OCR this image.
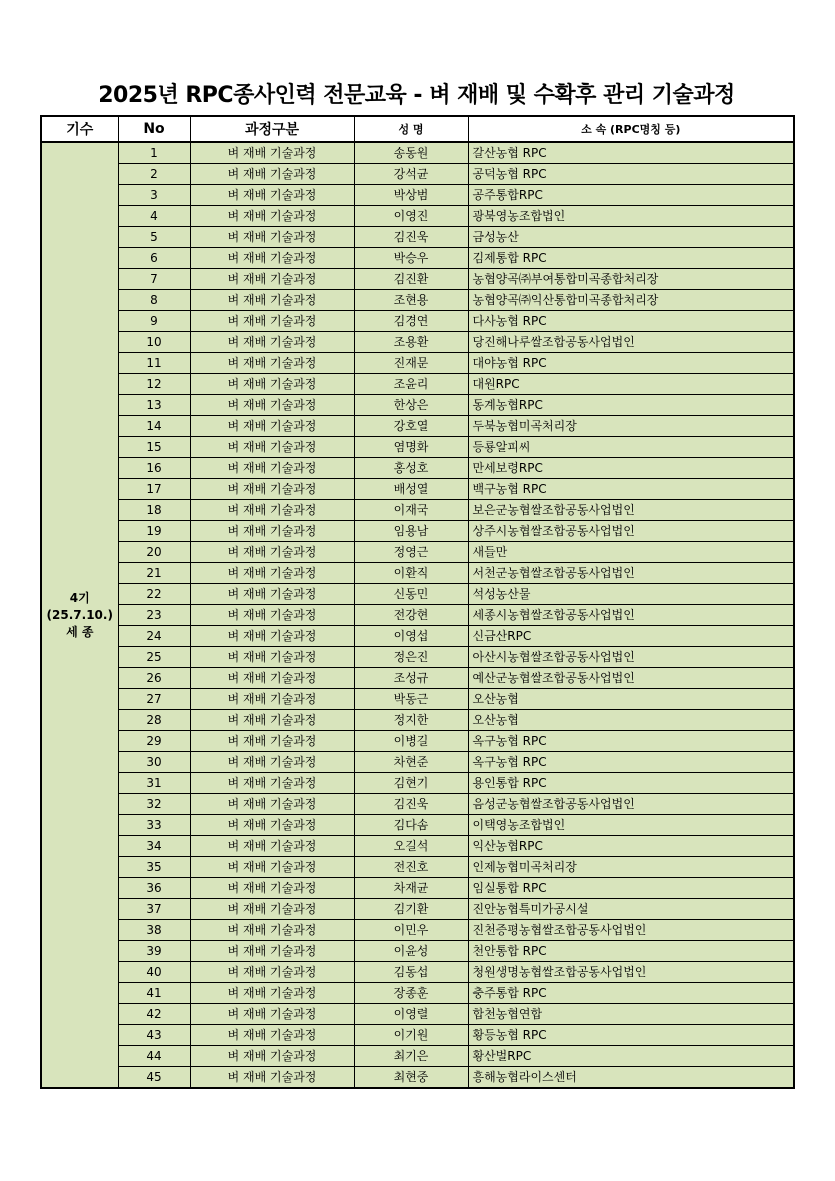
2025년 RPC종사인력 전문교육 - 벼 재배 및 수확후 관리 기술과정
기수	No	과정구분	성 명	소 속 (RPC명칭 등)

4기
(25.7.10.)
세 종	1	벼 재배 기술과정	송동원	갈산농협 RPC
	2	벼 재배 기술과정	강석균	공덕농협 RPC
	3	벼 재배 기술과정	박상범	공주통합RPC
	4	벼 재배 기술과정	이영진	광북영농조합법인
	5	벼 재배 기술과정	김진욱	금성농산
	6	벼 재배 기술과정	박승우	김제통합 RPC
	7	벼 재배 기술과정	김진환	농협양곡㈜부여통합미곡종합처리장
	8	벼 재배 기술과정	조현용	농협양곡㈜익산통합미곡종합처리장
	9	벼 재배 기술과정	김경연	다사농협 RPC
	10	벼 재배 기술과정	조용환	당진해나루쌀조합공동사업법인
	11	벼 재배 기술과정	진재문	대야농협 RPC
	12	벼 재배 기술과정	조윤리	대원RPC
	13	벼 재배 기술과정	한상은	동계농협RPC
	14	벼 재배 기술과정	강호열	두북농협미곡처리장
	15	벼 재배 기술과정	염명화	등룡알피씨
	16	벼 재배 기술과정	홍성호	만세보령RPC
	17	벼 재배 기술과정	배성열	백구농협 RPC
	18	벼 재배 기술과정	이재국	보은군농협쌀조합공동사업법인
	19	벼 재배 기술과정	임용남	상주시농협쌀조합공동사업법인
	20	벼 재배 기술과정	정영근	새들만
	21	벼 재배 기술과정	이환직	서천군농협쌀조합공동사업법인
	22	벼 재배 기술과정	신동민	석성농산물
	23	벼 재배 기술과정	전강현	세종시농협쌀조합공동사업법인
	24	벼 재배 기술과정	이영섭	신금산RPC
	25	벼 재배 기술과정	정은진	아산시농협쌀조합공동사업법인
	26	벼 재배 기술과정	조성규	예산군농협쌀조합공동사업법인
	27	벼 재배 기술과정	박동근	오산농협
	28	벼 재배 기술과정	정지한	오산농협
	29	벼 재배 기술과정	이병길	옥구농협 RPC
	30	벼 재배 기술과정	차현준	옥구농협 RPC
	31	벼 재배 기술과정	김현기	용인통합 RPC
	32	벼 재배 기술과정	김진욱	음성군농협쌀조합공동사업법인
	33	벼 재배 기술과정	김다솜	이택영농조합법인
	34	벼 재배 기술과정	오길석	익산농협RPC
	35	벼 재배 기술과정	전진호	인제농협미곡처리장
	36	벼 재배 기술과정	차재균	임실통합 RPC
	37	벼 재배 기술과정	김기환	진안농협특미가공시설
	38	벼 재배 기술과정	이민우	진천증평농협쌀조합공동사업법인
	39	벼 재배 기술과정	이윤성	천안통합 RPC
	40	벼 재배 기술과정	김동섭	청원생명농협쌀조합공동사업법인
	41	벼 재배 기술과정	장종훈	충주통합 RPC
	42	벼 재배 기술과정	이영렬	합천농협연합
	43	벼 재배 기술과정	이기원	황등농협 RPC
	44	벼 재배 기술과정	최기은	황산벌RPC
	45	벼 재배 기술과정	최현중	흥해농협라이스센터
